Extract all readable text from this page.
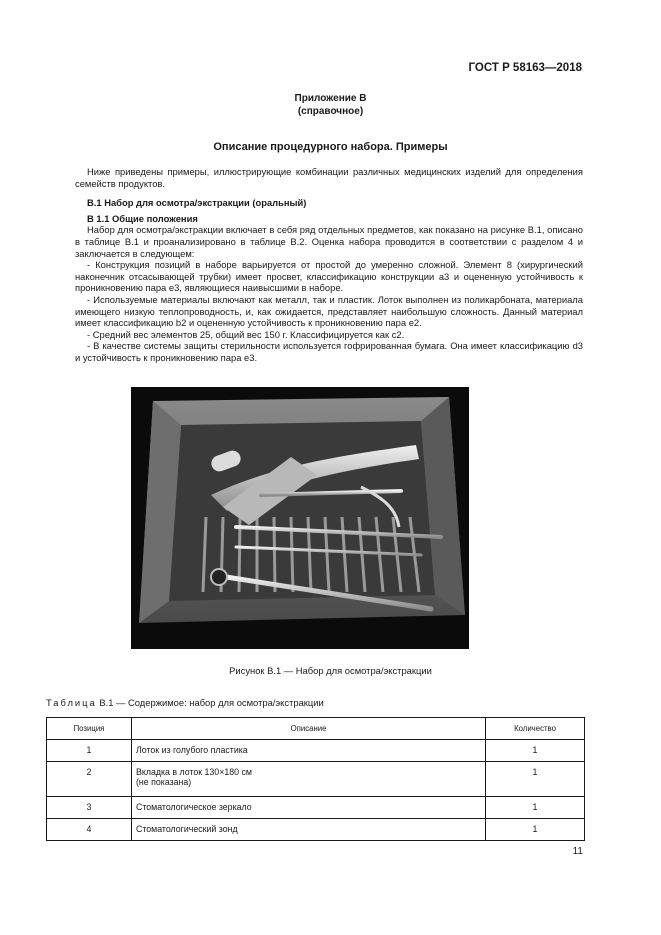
ГОСТ Р 58163—2018
Приложение В
(справочное)
Описание процедурного набора. Примеры

Ниже приведены примеры, иллюстрирующие комбинации различных медицинских изделий для определения семейств продуктов.

В.1 Набор для осмотра/экстракции (оральный)

В 1.1 Общие положения

Набор для осмотра/экстракции включает в себя ряд отдельных предметов, как показано на рисунке В.1, описано в таблице В.1 и проанализировано в таблице В.2. Оценка набора проводится в соответствии с разделом 4 и заключается в следующем:

- Конструкция позиций в наборе варьируется от простой до умеренно сложной. Элемент 8 (хирургический наконечник отсасывающей трубки) имеет просвет, классификацию конструкции а3 и оцененную устойчивость к проникновению пара е3, являющиеся наивысшими в наборе.

- Используемые материалы включают как металл, так и пластик. Лоток выполнен из поликарбоната, материала имеющего низкую теплопроводность, и, как ожидается, представляет наибольшую сложность. Данный материал имеет классификацию b2 и оцененную устойчивость к проникновению пара е2.

- Средний вес элементов 25, общий вес 150 г. Классифицируется как с2.

- В качестве системы защиты стерильности используется гофрированная бумага. Она имеет классификацию d3 и устойчивость к проникновению пара е3.

Рисунок В.1 — Набор для осмотра/экстракции
Таблица В.1 — Содержимое: набор для осмотра/экстракции
Позиция	Описание	Количество
1	Лоток из голубого пластика	1
2	Вкладка в лоток 130×180 см
(не показана)	1
3	Стоматологическое зеркало	1
4	Стоматологический зонд	1
11
